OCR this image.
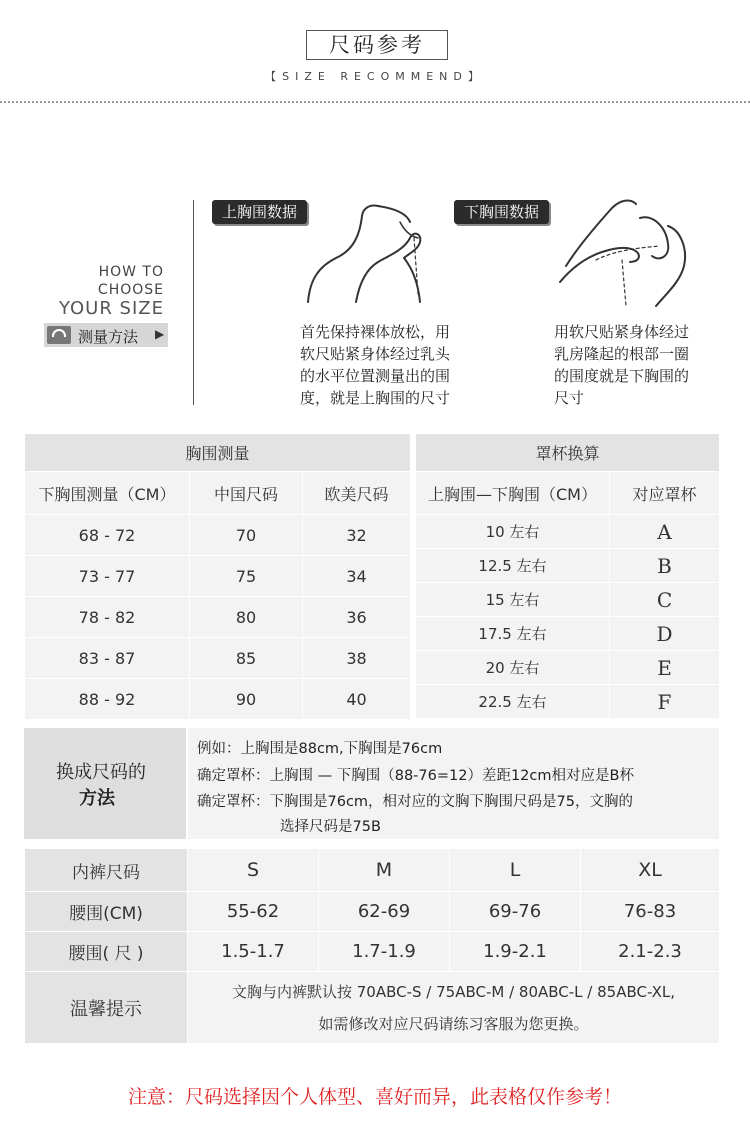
尺码参考
【SIZE RECOMMEND】
HOW TO
CHOOSE
YOUR SIZE
测量方法 ▶
上胸围数据
首先保持裸体放松，用
软尺贴紧身体经过乳头
的水平位置测量出的围
度，就是上胸围的尺寸
下胸围数据
用软尺贴紧身体经过
乳房隆起的根部一圈
的围度就是下胸围的
尺寸
胸围测量		
下胸围测量（CM）	中国尺码	欧美尺码
68 - 72	70	32
73 - 77	75	34
78 - 82	80	36
83 - 87	85	38
88 - 92	90	40
罩杯换算	
上胸围—下胸围（CM）	对应罩杯
10 左右	A
12.5 左右	B
15 左右	C
17.5 左右	D
20 左右	E
22.5 左右	F
换成尺码的
方法
例如：上胸围是88cm,下胸围是76cm
确定罩杯：上胸围 — 下胸围（88-76=12）差距12cm相对应是B杯
确定罩杯：下胸围是76cm，相对应的文胸下胸围尺码是75，文胸的
选择尺码是75B
内裤尺码	S	M	L	XL
腰围(CM)	55-62	62-69	69-76	76-83
腰围( 尺 )	1.5-1.7	1.7-1.9	1.9-2.1	2.1-2.3
温馨提示	文胸与内裤默认按 70ABC-S / 75ABC-M / 80ABC-L / 85ABC-XL,
如需修改对应尺码请练习客服为您更换。			
注意：尺码选择因个人体型、喜好而异，此表格仅作参考！
